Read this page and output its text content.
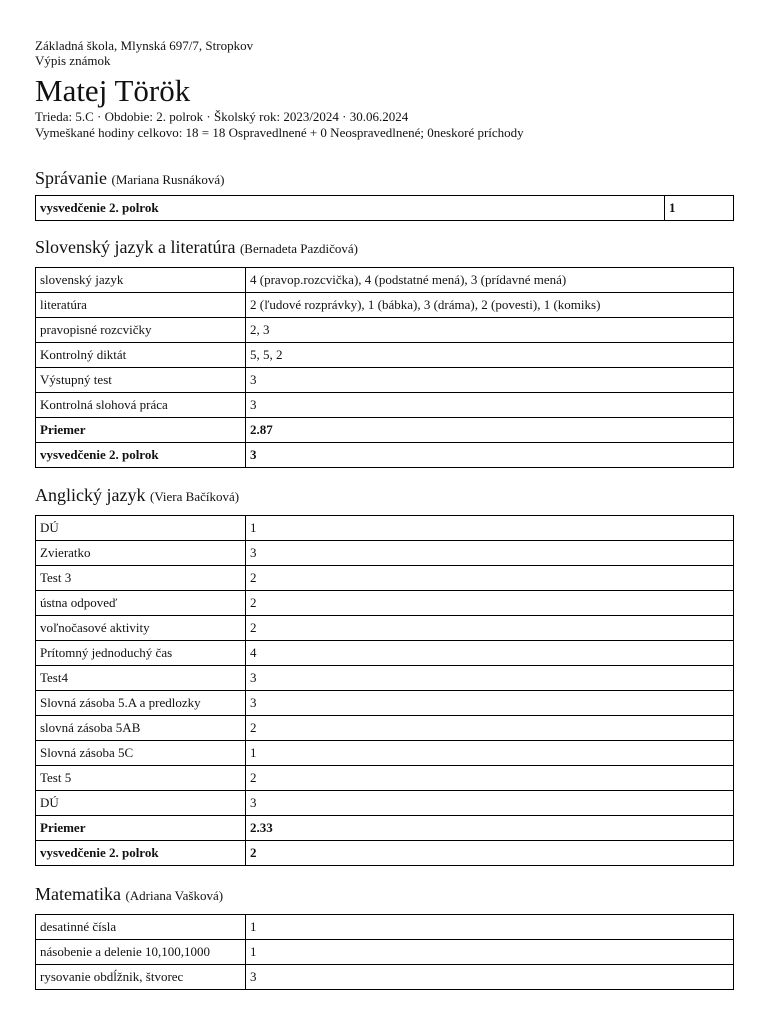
Základná škola, Mlynská 697/7, Stropkov
Výpis známok
Matej Török
Trieda: 5.C · Obdobie: 2. polrok · Školský rok: 2023/2024 · 30.06.2024
Vymeškané hodiny celkovo: 18 = 18 Ospravedlnené + 0 Neospravedlnené; 0neskoré príchody
Správanie (Mariana Rusnáková)
vysvedčenie 2. polrok	1
Slovenský jazyk a literatúra (Bernadeta Pazdičová)
slovenský jazyk	4 (pravop.rozcvička), 4 (podstatné mená), 3 (prídavné mená)
literatúra	2 (ľudové rozprávky), 1 (bábka), 3 (dráma), 2 (povesti), 1 (komiks)
pravopisné rozcvičky	2, 3
Kontrolný diktát	5, 5, 2
Výstupný test	3
Kontrolná slohová práca	3
Priemer	2.87
vysvedčenie 2. polrok	3
Anglický jazyk (Viera Bačíková)
DÚ	1
Zvieratko	3
Test 3	2
ústna odpoveď	2
voľnočasové aktivity	2
Prítomný jednoduchý čas	4
Test4	3
Slovná zásoba 5.A a predlozky	3
slovná zásoba 5AB	2
Slovná zásoba 5C	1
Test 5	2
DÚ	3
Priemer	2.33
vysvedčenie 2. polrok	2
Matematika (Adriana Vašková)
desatinné čísla	1
násobenie a delenie 10,100,1000	1
rysovanie obdĺžnik, štvorec	3
